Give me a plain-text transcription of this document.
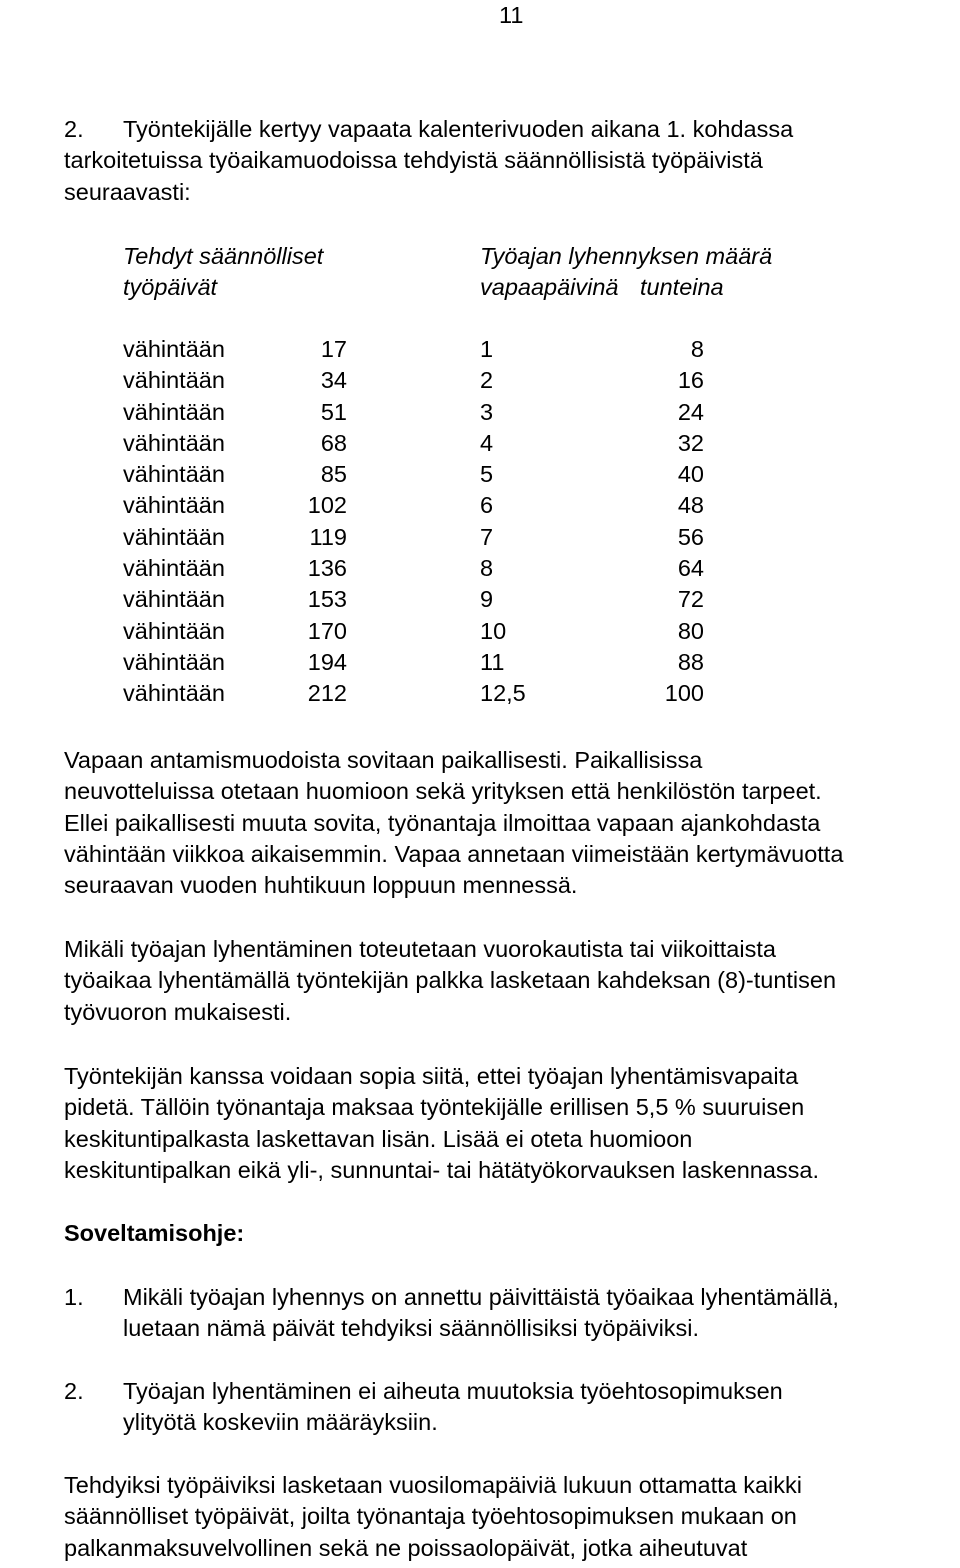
11
2.
	Työntekijälle kertyy vapaata kalenterivuoden aikana 1. kohdassa
tarkoitetuissa työaikamuodoissa tehdyistä säännöllisistä työpäivistä
seuraavasti:
Tehdyt säännölliset
työpäivät
Työajan lyhennyksen määrä
vapaapäivinä tunteina
vähintään	17	1	8
vähintään	34	2	16
vähintään	51	3	24
vähintään	68	4	32
vähintään	85	5	40
vähintään	102	6	48
vähintään	119	7	56
vähintään	136	8	64
vähintään	153	9	72
vähintään	170	10	80
vähintään	194	11	88
vähintään	212	12,5	100
Vapaan antamismuodoista sovitaan paikallisesti. Paikallisissa
neuvotteluissa otetaan huomioon sekä yrityksen että henkilöstön tarpeet.
Ellei paikallisesti muuta sovita, työnantaja ilmoittaa vapaan ajankohdasta
vähintään viikkoa aikaisemmin. Vapaa annetaan viimeistään kertymävuotta
seuraavan vuoden huhtikuun loppuun mennessä.
Mikäli työajan lyhentäminen toteutetaan vuorokautista tai viikoittaista
työaikaa lyhentämällä työntekijän palkka lasketaan kahdeksan (8)-tuntisen
työvuoron mukaisesti.
Työntekijän kanssa voidaan sopia siitä, ettei työajan lyhentämisvapaita
pidetä. Tällöin työnantaja maksaa työntekijälle erillisen 5,5 % suuruisen
keskituntipalkasta laskettavan lisän. Lisää ei oteta huomioon
keskituntipalkan eikä yli-, sunnuntai- tai hätätyökorvauksen laskennassa.
Soveltamisohje:
1. Mikäli työajan lyhennys on annettu päivittäistä työaikaa lyhentämällä,
luetaan nämä päivät tehdyiksi säännöllisiksi työpäiviksi.
2. Työajan lyhentäminen ei aiheuta muutoksia työehtosopimuksen
ylityötä koskeviin määräyksiin.
Tehdyiksi työpäiviksi lasketaan vuosilomapäiviä lukuun ottamatta kaikki
säännölliset työpäivät, joilta työnantaja työehtosopimuksen mukaan on
palkanmaksuvelvollinen sekä ne poissaolopäivät, jotka aiheutuvat
